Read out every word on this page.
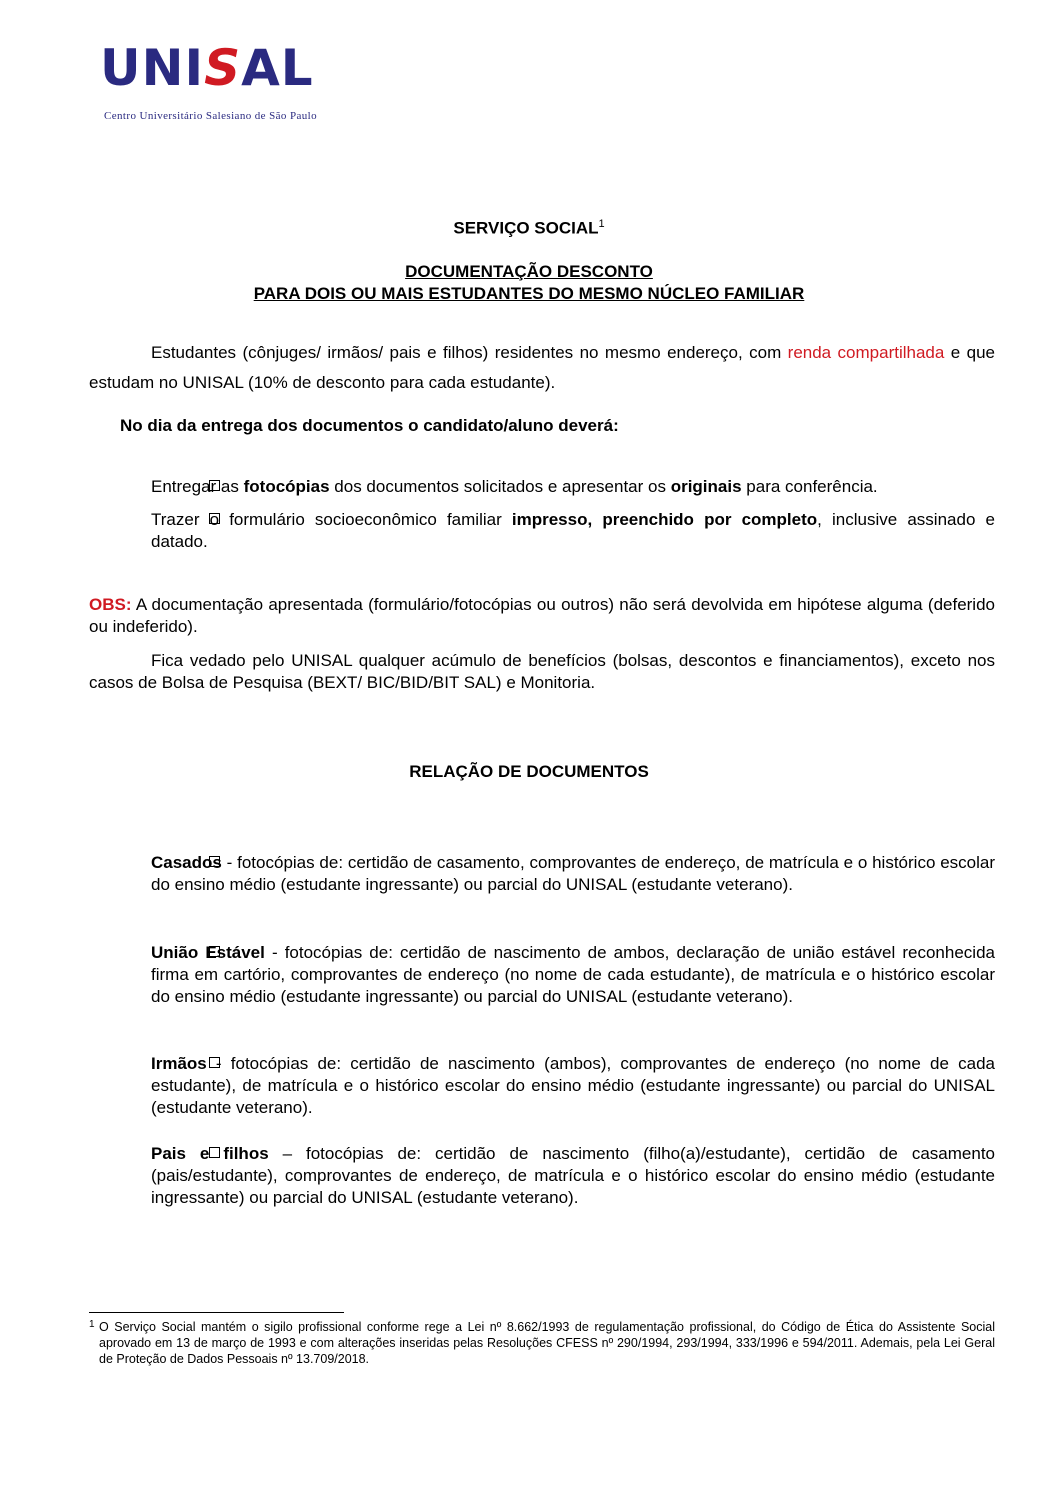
UNISAL
Centro Universitário Salesiano de São Paulo
SERVIÇO SOCIAL$^1$
DOCUMENTAÇÃO DESCONTO
PARA DOIS OU MAIS ESTUDANTES DO MESMO NÚCLEO FAMILIAR
Estudantes (cônjuges/ irmãos/ pais e filhos) residentes no mesmo endereço, com renda compartilhada e que estudam no UNISAL (10% de desconto para cada estudante).
No dia da entrega dos documentos o candidato/aluno deverá:
Entregar as fotocópias dos documentos solicitados e apresentar os originais para conferência.
Trazer o formulário socioeconômico familiar impresso, preenchido por completo, inclusive assinado e datado.
OBS: A documentação apresentada (formulário/fotocópias ou outros) não será devolvida em hipótese alguma (deferido ou indeferido).
Fica vedado pelo UNISAL qualquer acúmulo de benefícios (bolsas, descontos e financiamentos), exceto nos casos de Bolsa de Pesquisa (BEXT/ BIC/BID/BIT SAL) e Monitoria.
RELAÇÃO DE DOCUMENTOS
Casados - fotocópias de: certidão de casamento, comprovantes de endereço, de matrícula e o histórico escolar do ensino médio (estudante ingressante) ou parcial do UNISAL (estudante veterano).
União Estável - fotocópias de: certidão de nascimento de ambos, declaração de união estável reconhecida firma em cartório, comprovantes de endereço (no nome de cada estudante), de matrícula e o histórico escolar do ensino médio (estudante ingressante) ou parcial do UNISAL (estudante veterano).
Irmãos - fotocópias de: certidão de nascimento (ambos), comprovantes de endereço (no nome de cada estudante), de matrícula e o histórico escolar do ensino médio (estudante ingressante) ou parcial do UNISAL (estudante veterano).
Pais e filhos – fotocópias de: certidão de nascimento (filho(a)/estudante), certidão de casamento (pais/estudante), comprovantes de endereço, de matrícula e o histórico escolar do ensino médio (estudante ingressante) ou parcial do UNISAL (estudante veterano).
1 O Serviço Social mantém o sigilo profissional conforme rege a Lei nº 8.662/1993 de regulamentação profissional, do Código de Ética do Assistente Social aprovado em 13 de março de 1993 e com alterações inseridas pelas Resoluções CFESS nº 290/1994, 293/1994, 333/1996 e 594/2011. Ademais, pela Lei Geral de Proteção de Dados Pessoais nº 13.709/2018.
